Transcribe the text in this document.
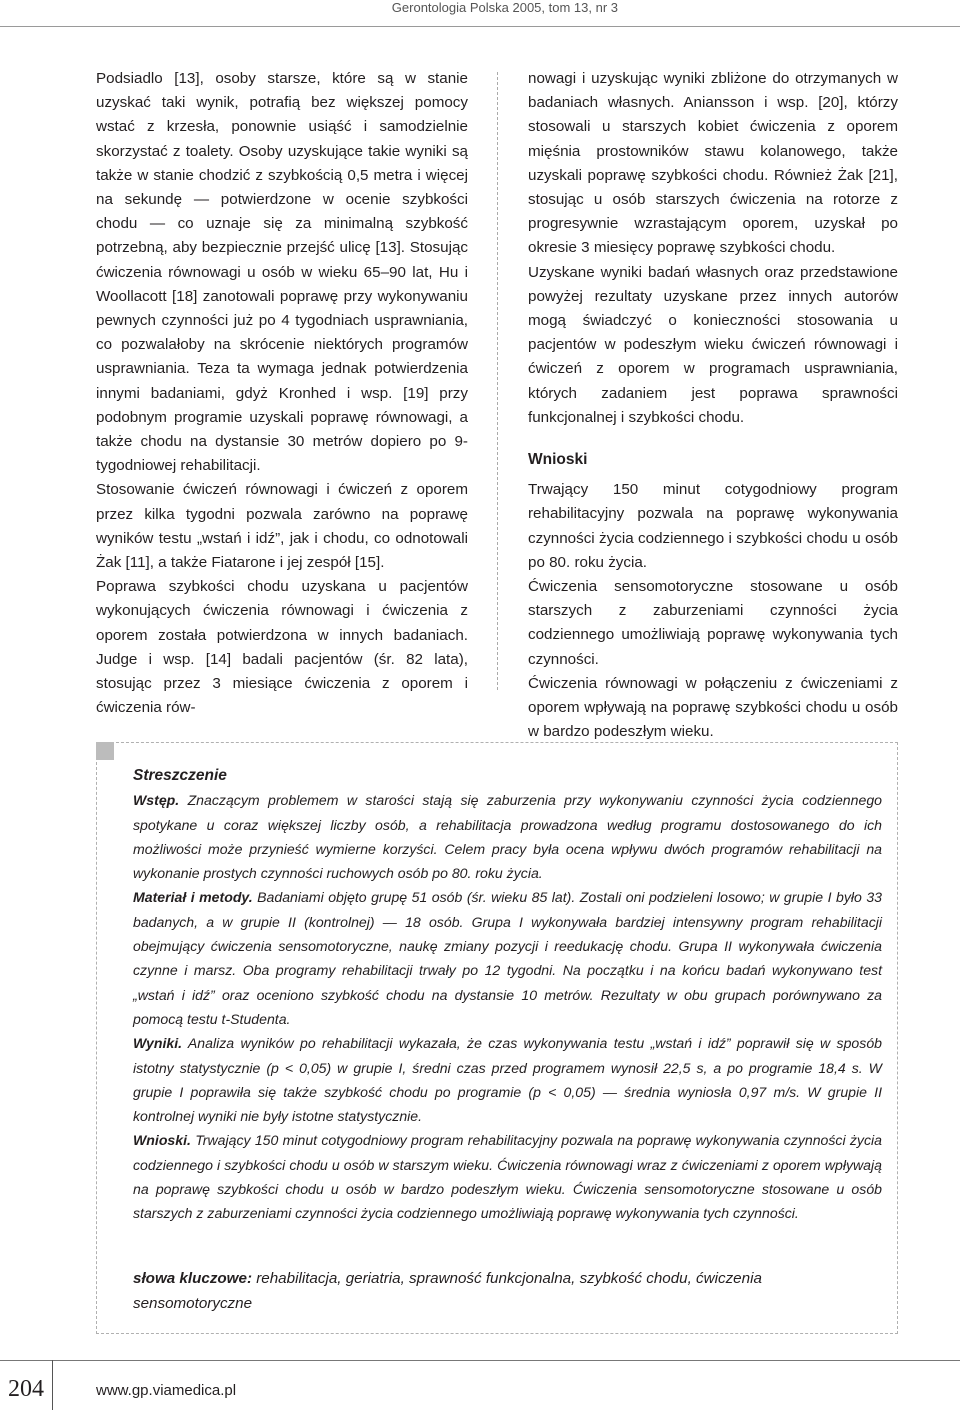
Gerontologia Polska 2005, tom 13, nr 3

Podsiadlo [13], osoby starsze, które są w stanie uzyskać taki wynik, potrafią bez większej pomocy wstać z krzesła, ponownie usiąść i samodzielnie skorzystać z toalety. Osoby uzyskujące takie wyniki są także w stanie chodzić z szybkością 0,5 metra i więcej na sekundę — potwierdzone w ocenie szybkości chodu — co uznaje się za minimalną szybkość potrzebną, aby bezpiecznie przejść ulicę [13]. Stosując ćwiczenia równowagi u osób w wieku 65–90 lat, Hu i Woollacott [18] zanotowali poprawę przy wykonywaniu pewnych czynności już po 4 tygodniach usprawniania, co pozwalałoby na skrócenie niektórych programów usprawniania. Teza ta wymaga jednak potwierdzenia innymi badaniami, gdyż Kronhed i wsp. [19] przy podobnym programie uzyskali poprawę równowagi, a także chodu na dystansie 30 metrów dopiero po 9-tygodniowej rehabilitacji.

Stosowanie ćwiczeń równowagi i ćwiczeń z oporem przez kilka tygodni pozwala zarówno na poprawę wyników testu „wstań i idź”, jak i chodu, co odnotowali Żak [11], a także Fiatarone i jej zespół [15].

Poprawa szybkości chodu uzyskana u pacjentów wykonujących ćwiczenia równowagi i ćwiczenia z oporem została potwierdzona w innych badaniach. Judge i wsp. [14] badali pacjentów (śr. 82 lata), stosując przez 3 miesiące ćwiczenia z oporem i ćwiczenia rów-

nowagi i uzyskując wyniki zbliżone do otrzymanych w badaniach własnych. Aniansson i wsp. [20], którzy stosowali u starszych kobiet ćwiczenia z oporem mięśnia prostowników stawu kolanowego, także uzyskali poprawę szybkości chodu. Również Żak [21], stosując u osób starszych ćwiczenia na rotorze z progresywnie wzrastającym oporem, uzyskał po okresie 3 miesięcy poprawę szybkości chodu.

Uzyskane wyniki badań własnych oraz przedstawione powyżej rezultaty uzyskane przez innych autorów mogą świadczyć o konieczności stosowania u pacjentów w podeszłym wieku ćwiczeń równowagi i ćwiczeń z oporem w programach usprawniania, których zadaniem jest poprawa sprawności funkcjonalnej i szybkości chodu.

Wnioski

Trwający 150 minut cotygodniowy program rehabilitacyjny pozwala na poprawę wykonywania czynności życia codziennego i szybkości chodu u osób po 80. roku życia.

Ćwiczenia sensomotoryczne stosowane u osób starszych z zaburzeniami czynności życia codziennego umożliwiają poprawę wykonywania tych czynności.

Ćwiczenia równowagi w połączeniu z ćwiczeniami z oporem wpływają na poprawę szybkości chodu u osób w bardzo podeszłym wieku.

Streszczenie

Wstęp. Znaczącym problemem w starości stają się zaburzenia przy wykonywaniu czynności życia codziennego spotykane u coraz większej liczby osób, a rehabilitacja prowadzona według programu dostosowanego do ich możliwości może przynieść wymierne korzyści. Celem pracy była ocena wpływu dwóch programów rehabilitacji na wykonanie prostych czynności ruchowych osób po 80. roku życia.

Materiał i metody. Badaniami objęto grupę 51 osób (śr. wieku 85 lat). Zostali oni podzieleni losowo; w grupie I było 33 badanych, a w grupie II (kontrolnej) — 18 osób. Grupa I wykonywała bardziej intensywny program rehabilitacji obejmujący ćwiczenia sensomotoryczne, naukę zmiany pozycji i reedukację chodu. Grupa II wykonywała ćwiczenia czynne i marsz. Oba programy rehabilitacji trwały po 12 tygodni. Na początku i na końcu badań wykonywano test „wstań i idź” oraz oceniono szybkość chodu na dystansie 10 metrów. Rezultaty w obu grupach porównywano za pomocą testu t-Studenta.

Wyniki. Analiza wyników po rehabilitacji wykazała, że czas wykonywania testu „wstań i idź” poprawił się w sposób istotny statystycznie (p < 0,05) w grupie I, średni czas przed programem wynosił 22,5 s, a po programie 18,4 s. W grupie I poprawiła się także szybkość chodu po programie (p < 0,05) — średnia wyniosła 0,97 m/s. W grupie II kontrolnej wyniki nie były istotne statystycznie.

Wnioski. Trwający 150 minut cotygodniowy program rehabilitacyjny pozwala na poprawę wykonywania czynności życia codziennego i szybkości chodu u osób w starszym wieku. Ćwiczenia równowagi wraz z ćwiczeniami z oporem wpływają na poprawę szybkości chodu u osób w bardzo podeszłym wieku. Ćwiczenia sensomotoryczne stosowane u osób starszych z zaburzeniami czynności życia codziennego umożliwiają poprawę wykonywania tych czynności.

słowa kluczowe: rehabilitacja, geriatria, sprawność funkcjonalna, szybkość chodu, ćwiczenia sensomotoryczne
204	www.gp.viamedica.pl
